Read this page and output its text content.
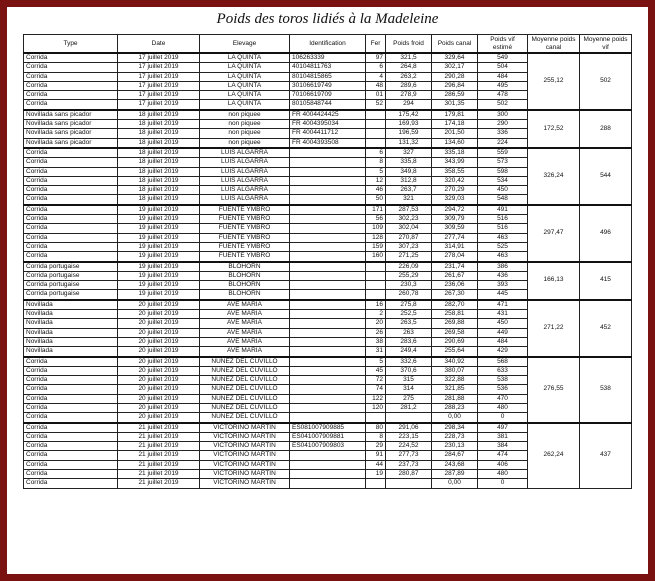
Poids des toros lidiés à la Madeleine
Type	Date	Elevage	Identification	Fer	Poids froid	Poids canal	Poids vif estimé	Moyenne poids canal	Moyenne poids vif
Corrida	17 juillet 2019	LA QUINTA	106263339	97	321,5	329,64	549	255,12	502
Corrida	17 juillet 2019	LA QUINTA	40104811763	6	264,8	302,17	504		
Corrida	17 juillet 2019	LA QUINTA	80104815865	4	263,2	290,28	484		
Corrida	17 juillet 2019	LA QUINTA	30106619749	48	289,6	296,84	495		
Corrida	17 juillet 2019	LA QUINTA	70106619709	01	278,9	286,59	478		
Corrida	17 juillet 2019	LA QUINTA	80105848744	52	294	301,35	502		
Novillada sans picador	18 juillet 2019	non piquee	FR 4004424425		175,42	179,81	300	172,52	288
Novillada sans picador	18 juillet 2019	non piquee	FR 4004395034		169,93	174,18	290		
Novillada sans picador	18 juillet 2019	non piquee	FR 4004411712		196,59	201,50	336		
Novillada sans picador	18 juillet 2019	non piquee	FR 4004393508		131,32	134,60	224		
Corrida	18 juillet 2019	LUIS ALGARRA		6	327	335,18	559	326,24	544
Corrida	18 juillet 2019	LUIS ALGARRA		8	335,8	343,99	573		
Corrida	18 juillet 2019	LUIS ALGARRA		5	349,8	358,55	598		
Corrida	18 juillet 2019	LUIS ALGARRA		12	312,8	320,42	534		
Corrida	18 juillet 2019	LUIS ALGARRA		46	263,7	270,29	450		
Corrida	18 juillet 2019	LUIS ALGARRA		50	321	329,03	548		
Corrida	19 juillet 2019	FUENTE YMBRO		171	287,53	294,72	491	297,47	496
Corrida	19 juillet 2019	FUENTE YMBRO		56	302,23	309,79	516		
Corrida	19 juillet 2019	FUENTE YMBRO		109	302,04	309,59	516		
Corrida	19 juillet 2019	FUENTE YMBRO		128	270,87	277,74	463		
Corrida	19 juillet 2019	FUENTE YMBRO		159	307,23	314,91	525		
Corrida	19 juillet 2019	FUENTE YMBRO		160	271,25	278,04	463		
Corrida portugaise	19 juillet 2019	BLOHORN			226,09	231,74	386	166,13	415
Corrida portugaise	19 juillet 2019	BLOHORN			255,29	261,67	436		
Corrida portugaise	19 juillet 2019	BLOHORN			230,3	236,06	393		
Corrida portugaise	19 juillet 2019	BLOHORN			260,78	267,30	445		
Novillada	20 juillet 2019	AVE MARIA		16	275,8	282,70	471	271,22	452
Novillada	20 juillet 2019	AVE MARIA		2	252,5	258,81	431		
Novillada	20 juillet 2019	AVE MARIA		20	263,5	269,88	450		
Novillada	20 juillet 2019	AVE MARIA		26	263	269,58	449		
Novillada	20 juillet 2019	AVE MARIA		38	283,6	290,69	484		
Novillada	20 juillet 2019	AVE MARIA		31	249,4	255,64	429		
Corrida	20 juillet 2019	NUNEZ DEL CUVILLO		5	332,6	340,92	568	276,55	538
Corrida	20 juillet 2019	NUNEZ DEL CUVILLO		45	370,6	380,07	633		
Corrida	20 juillet 2019	NUNEZ DEL CUVILLO		72	315	322,88	538		
Corrida	20 juillet 2019	NUNEZ DEL CUVILLO		74	314	321,85	536		
Corrida	20 juillet 2019	NUNEZ DEL CUVILLO		122	275	281,88	470		
Corrida	20 juillet 2019	NUNEZ DEL CUVILLO		120	281,2	288,23	480		
Corrida	20 juillet 2019	NUNEZ DEL CUVILLO				0,00	0		
Corrida	21 juillet 2019	VICTORINO MARTIN	ES081007909885	80	291,06	298,34	497	262,24	437
Corrida	21 juillet 2019	VICTORINO MARTIN	ES041007909881	8	223,15	228,73	381		
Corrida	21 juillet 2019	VICTORINO MARTIN	ES041007909803	29	224,52	230,13	384		
Corrida	21 juillet 2019	VICTORINO MARTIN		91	277,73	284,67	474		
Corrida	21 juillet 2019	VICTORINO MARTIN		44	237,73	243,68	406		
Corrida	21 juillet 2019	VICTORINO MARTIN		19	280,87	287,89	480		
Corrida	21 juillet 2019	VICTORINO MARTIN				0,00	0		
